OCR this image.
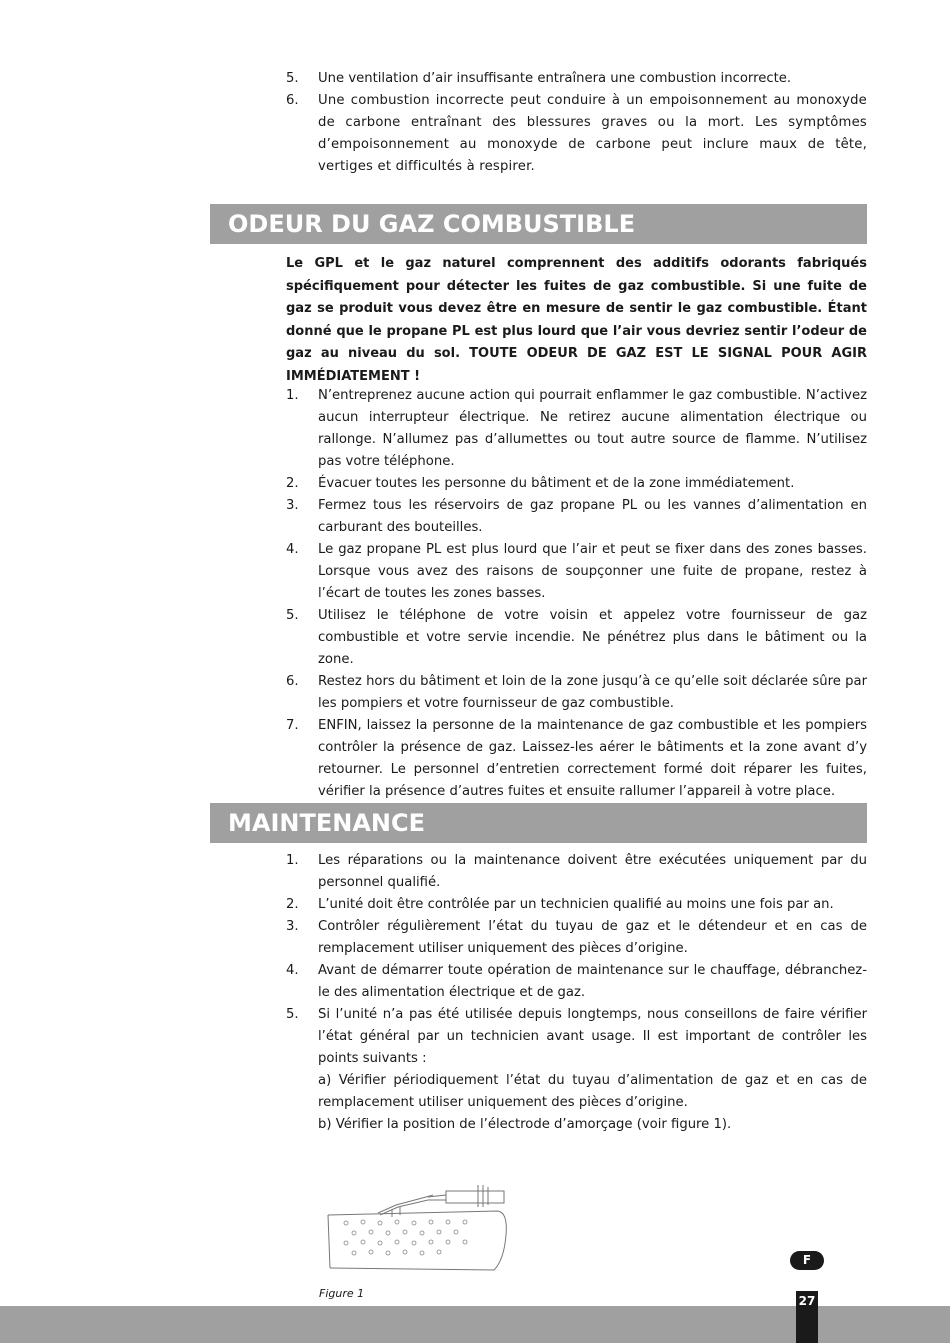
5. Une ventilation d’air insuffisante entraînera une combustion incorrecte.
6. Une combustion incorrecte peut conduire à un empoisonnement au monoxyde de carbone entraînant des blessures graves ou la mort. Les symptômes d’empoisonnement au monoxyde de carbone peut inclure maux de tête, vertiges et difficultés à respirer.
ODEUR DU GAZ COMBUSTIBLE
Le GPL et le gaz naturel comprennent des additifs odorants fabriqués spécifiquement pour détecter les fuites de gaz combustible. Si une fuite de gaz se produit vous devez être en mesure de sentir le gaz combustible. Étant donné que le propane PL est plus lourd que l’air vous devriez sentir l’odeur de gaz au niveau du sol. TOUTE ODEUR DE GAZ EST LE SIGNAL POUR AGIR IMMÉDIATEMENT !
1. N’entreprenez aucune action qui pourrait enflammer le gaz combustible. N’activez aucun interrupteur électrique. Ne retirez aucune alimentation électrique ou rallonge. N’allumez pas d’allumettes ou tout autre source de flamme. N’utilisez pas votre téléphone.
2. Évacuer toutes les personne du bâtiment et de la zone immédiatement.
3. Fermez tous les réservoirs de gaz propane PL ou les vannes d’alimentation en carburant des bouteilles.
4. Le gaz propane PL est plus lourd que l’air et peut se fixer dans des zones basses. Lorsque vous avez des raisons de soupçonner une fuite de propane, restez à l’écart de toutes les zones basses.
5. Utilisez le téléphone de votre voisin et appelez votre fournisseur de gaz combustible et votre servie incendie. Ne pénétrez plus dans le bâtiment ou la zone.
6. Restez hors du bâtiment et loin de la zone jusqu’à ce qu’elle soit déclarée sûre par les pompiers et votre fournisseur de gaz combustible.
7. ENFIN, laissez la personne de la maintenance de gaz combustible et les pompiers contrôler la présence de gaz. Laissez-les aérer le bâtiments et la zone avant d’y retourner. Le personnel d’entretien correctement formé doit réparer les fuites, vérifier la présence d’autres fuites et ensuite rallumer l’appareil à votre place.
MAINTENANCE
1. Les réparations ou la maintenance doivent être exécutées uniquement par du personnel qualifié.
2. L’unité doit être contrôlée par un technicien qualifié au moins une fois par an.
3. Contrôler régulièrement l’état du tuyau de gaz et le détendeur et en cas de remplacement utiliser uniquement des pièces d’origine.
4. Avant de démarrer toute opération de maintenance sur le chauffage, débranchez-le des alimentation électrique et de gaz.
5. Si l’unité n’a pas été utilisée depuis longtemps, nous conseillons de faire vérifier l’état général par un technicien avant usage. Il est important de contrôler les points suivants :
a) Vérifier périodiquement l’état du tuyau d’alimentation de gaz et en cas de remplacement utiliser uniquement des pièces d’origine.
b) Vérifier la position de l’électrode d’amorçage (voir figure 1).
Figure 1
F
27
